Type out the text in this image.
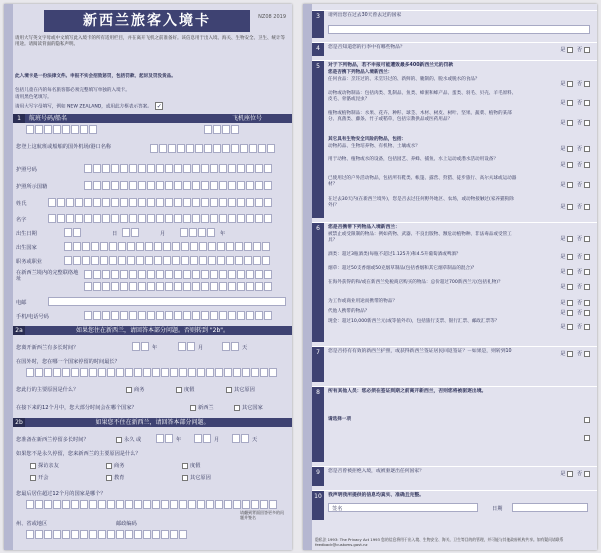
新西兰旅客入境卡	NZ08 2019
请用大写英文字母或中文填写此入境卡的所有适用栏目，并在离开飞机之前准备好。该信息用于出入境、海关、生物安全、卫生、统计等用途。请阅读背面的隐私声明。
此入境卡是一份法律文件。申报不实会招致惩罚，包括罚款、起诉及罚没货品。
包括儿童在内的每名旅客都必须完整填写单独的入境卡。
请用黑色笔填写。
请用大写字母填写，例如 NEW ZEALAND，或用此方框表示答案。 ✓
1	航班号码/船名	飞机座位号
您登上这航班或船舶的国外机场/港口名称
护照号码
护照所示国籍
姓氏
名字
出生日期	日	月	年
出生国家
职务或职业
在新西兰境内的完整联络地址
电邮
手机/电话号码
2a	如果您住在新西兰，请回答本部分问题。否则转到 "2b"。
您离开新西兰有多长时间？	年	月	天
在国外时，您在哪一个国家停留的时间最长？
您此行的主要原因是什么？	商务	度假	其它原因
在接下来的12个月中，您大部分时间会在哪个国家？	新西兰	其它国家
2b	如果您不住在新西兰，请回答本部分问题。
您准备在新西兰停留多长时间？	永久 或	年	月	天
如果您不是永久停留，您来新西兰的主要原因是什么？
探访亲友	商务	度假
开会	教育	其它原因
您最后居住超过12个月的国家是哪个？
州、省或地区	邮政编码
请翻到背面回答更多的问题并签名
3	请列出您在过去30天曾去过的国家
4	您是否知道您的行李中有哪些物品？	是 否
5	对于下列物品，若不申报可能遭致最多400新西兰元的罚款
您是否携下列物品入境新西兰：
任何食品：烹饪过的、未烹饪过的、新鲜的、腌制的、脱水或脱水的食品？
是 否
动物或动物制品：包括肉类、乳制品、鱼类、蜂蜜和蜂产品、蛋类、羽毛、贝壳、羊毛原料、皮毛、骨骼或昆虫？
是 否
植物或植物制品：水果、花卉、种籽、球茎、木材、树皮、树叶、坚果、蔬菜、植物的某部分、真菌类、藤条、竹子或稻草，包括宗教供品或医药用品？
是 否
其它具有生物安全风险的物品，包括：
动物药品、生物培养物、有机物、土壤或水？	是 否
用于动物、植物或水的设备，包括园艺、养蜂、捕鱼、水上运动或潜水活动用设备？
是 否
已使用过的户外活动物品，包括所有鞋类、帐篷、露营、狩猎、徒步旅行、高尔夫球或运动器材？	是 否
在过去30天内(在新西兰境外)，您是否去过任何野外地区、农场，或动物接触过(家养猫狗除外)？	是 否
6	您是否携带下列物品入境新西兰：
被禁止或受限制的物品：例如药物、武器、不良出版物、濒危动植物种、非法毒品或受管工具？	是 否
酒类：超过3瓶酒类(每瓶不超过1.125升)和4.5升葡萄酒或啤酒？	是 否
烟草：超过50支香烟或50克烟草制品(包括香烟和其它烟草制品的混合)？
是 否
在海外获得的和/或在新西兰免税商店购买的物品：总价超过700新西兰元(包括礼物)？
是 否
为工作或商业用途而携带的物品？	是 否
代他人携带的物品？	是 否
现金：超过10,000新西兰元(或等值外币)，包括旅行支票、银行汇票、邮政汇票等？
是 否
7	您是否持有有效的新西兰护照，或获得新西兰签证居民回返签证？－如果是，则转到10	是 否
8	所有其他人员：您必须在签证到期之前离开新西兰，否则您将被驱逐出境。
请选择一项
9	您是否曾被拒绝入境，或被驱逐出任何国家？	是 否
10	我声明我所提供的信息均真实、准确且完整。
签名	日期
隐私法 1993: The Privacy Act 1993 您的信息将用于出入境、生物安全、海关、卫生等目的的管理，并可能与其他政府机构共享。如有疑问请联系 feedback@customs.govt.nz
